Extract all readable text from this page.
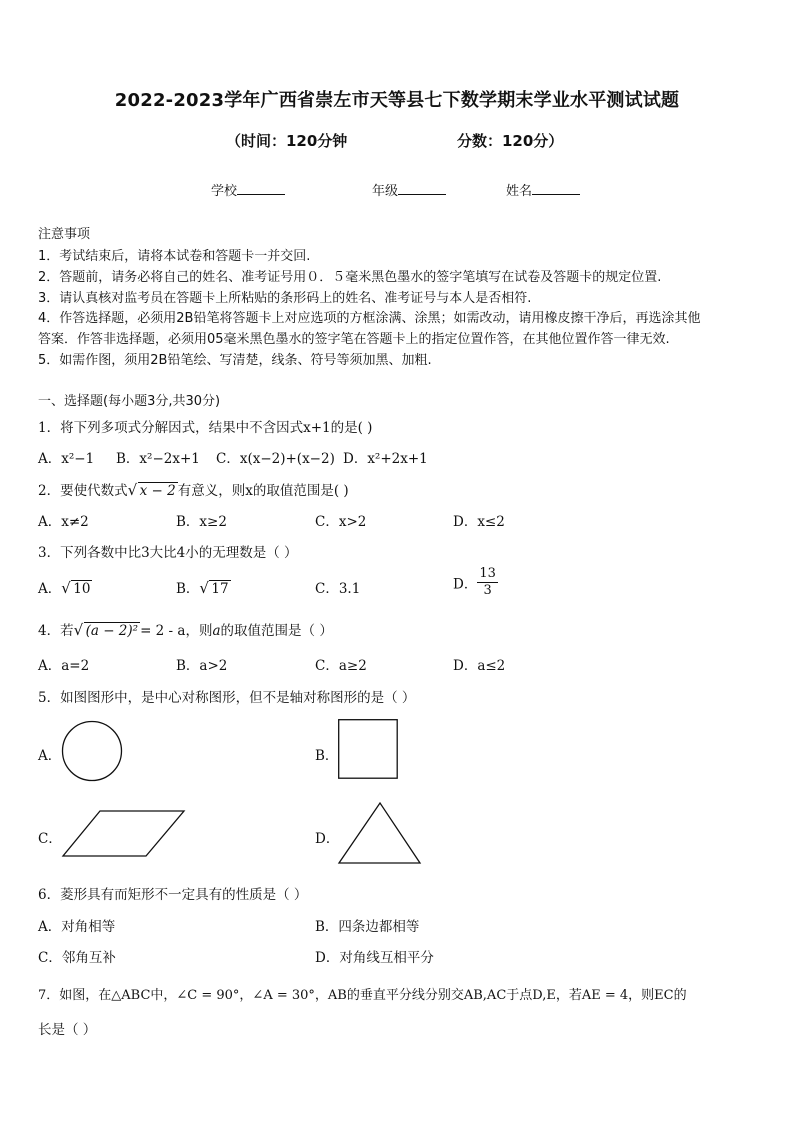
2022-2023学年广西省崇左市天等县七下数学期末学业水平测试试题
（时间：120分钟	分数：120分）
学校	年级	姓名
注意事项
1．考试结束后，请将本试卷和答题卡一并交回.
2．答题前，请务必将自己的姓名、准考证号用０．５毫米黑色墨水的签字笔填写在试卷及答题卡的规定位置.
3．请认真核对监考员在答题卡上所粘贴的条形码上的姓名、准考证号与本人是否相符.
4．作答选择题，必须用2B铅笔将答题卡上对应选项的方框涂满、涂黑；如需改动，请用橡皮擦干净后，再选涂其他
答案．作答非选择题，必须用05毫米黑色墨水的签字笔在答题卡上的指定位置作答，在其他位置作答一律无效.
5．如需作图，须用2B铅笔绘、写清楚，线条、符号等须加黑、加粗.
一、选择题(每小题3分,共30分)
1．将下列多项式分解因式，结果中不含因式x+1的是( )
A．x²−1 B．x²−2x+1 C．x(x−2)+(x−2) D．x²+2x+1
2．要使代数式 √ x − 2 有意义，则x的取值范围是( )
A．x≠2	B．x≥2	C．x>2	D．x≤2
3．下列各数中比3大比4小的无理数是（ ）
A． √ 10	B． √ 17	C．3.1	D． $\frac{13}{3}$
4．若 √ (a − 2)² = 2 - a，则a的取值范围是（ ）
A．a=2	B．a>2	C．a≥2	D．a≤2
5．如图图形中，是中心对称图形，但不是轴对称图形的是（ ）
A．	B．
C．	D．
6．菱形具有而矩形不一定具有的性质是（ ）
A．对角相等	B．四条边都相等
C．邻角互补	D．对角线互相平分
7．如图，在△ABC中，∠C = 90°，∠A = 30°，AB的垂直平分线分别交AB,AC于点D,E，若AE = 4，则EC的
长是（ ）
